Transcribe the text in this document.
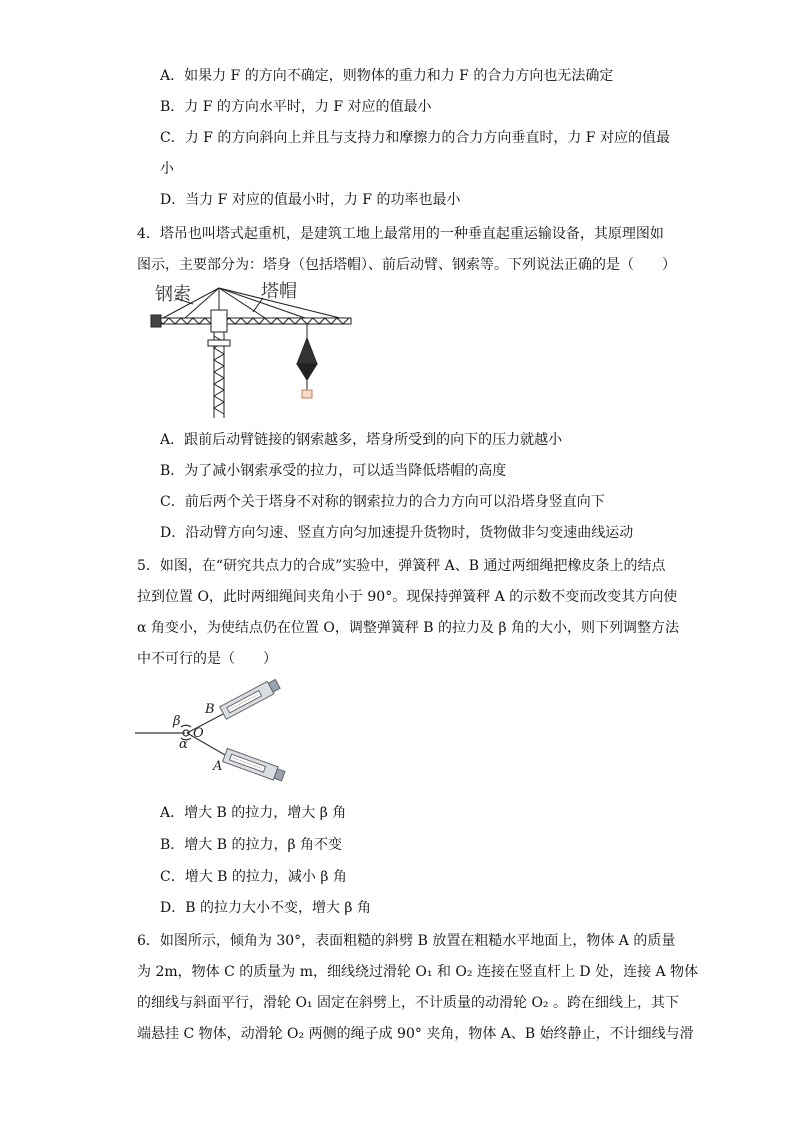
A．如果力 F 的方向不确定，则物体的重力和力 F 的合力方向也无法确定
B．力 F 的方向水平时，力 F 对应的值最小
C．力 F 的方向斜向上并且与支持力和摩擦力的合力方向垂直时，力 F 对应的值最
小
D．当力 F 对应的值最小时，力 F 的功率也最小
4．塔吊也叫塔式起重机，是建筑工地上最常用的一种垂直起重运输设备，其原理图如
图示，主要部分为：塔身（包括塔帽）、前后动臂、钢索等。下列说法正确的是（　　）
钢索	塔帽
A．跟前后动臂链接的钢索越多，塔身所受到的向下的压力就越小
B．为了减小钢索承受的拉力，可以适当降低塔帽的高度
C．前后两个关于塔身不对称的钢索拉力的合力方向可以沿塔身竖直向下
D．沿动臂方向匀速、竖直方向匀加速提升货物时，货物做非匀变速曲线运动
5．如图，在“研究共点力的合成”实验中，弹簧秤 A、B 通过两细绳把橡皮条上的结点
拉到位置 O，此时两细绳间夹角小于 90°。现保持弹簧秤 A 的示数不变而改变其方向使
α 角变小，为使结点仍在位置 O，调整弹簧秤 B 的拉力及 β 角的大小，则下列调整方法
中不可行的是（　　）
B
A
O
β
α
A．增大 B 的拉力，增大 β 角
B．增大 B 的拉力，β 角不变
C．增大 B 的拉力，减小 β 角
D．B 的拉力大小不变，增大 β 角
6．如图所示，倾角为 30°，表面粗糙的斜劈 B 放置在粗糙水平地面上，物体 A 的质量
为 2m，物体 C 的质量为 m，细线绕过滑轮 O₁ 和 O₂ 连接在竖直杆上 D 处，连接 A 物体
的细线与斜面平行，滑轮 O₁ 固定在斜劈上，不计质量的动滑轮 O₂ 。跨在细线上，其下
端悬挂 C 物体，动滑轮 O₂ 两侧的绳子成 90° 夹角，物体 A、B 始终静止，不计细线与滑
